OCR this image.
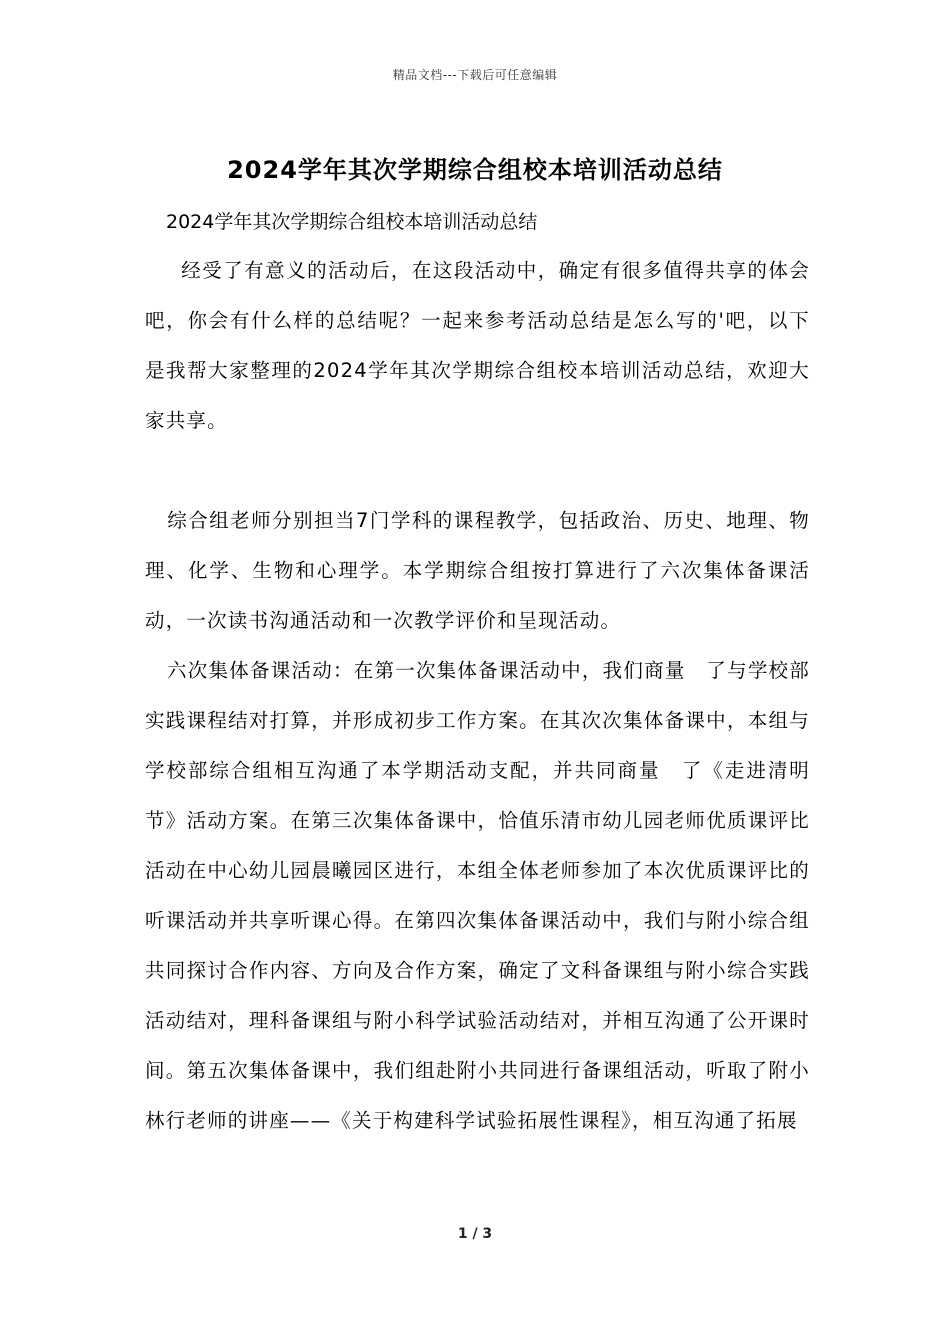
精品文档---下载后可任意编辑
2024学年其次学期综合组校本培训活动总结
2024学年其次学期综合组校本培训活动总结

经受了有意义的活动后，在这段活动中，确定有很多值得共享的体会吧，你会有什么样的总结呢？一起来参考活动总结是怎么写的'吧，以下是我帮大家整理的2024学年其次学期综合组校本培训活动总结，欢迎大家共享。

综合组老师分别担当7门学科的课程教学，包括政治、历史、地理、物理、化学、生物和心理学。本学期综合组按打算进行了六次集体备课活动，一次读书沟通活动和一次教学评价和呈现活动。

六次集体备课活动：在第一次集体备课活动中，我们商量　了与学校部实践课程结对打算，并形成初步工作方案。在其次次集体备课中，本组与学校部综合组相互沟通了本学期活动支配，并共同商量　了《走进清明节》活动方案。在第三次集体备课中，恰值乐清市幼儿园老师优质课评比活动在中心幼儿园晨曦园区进行，本组全体老师参加了本次优质课评比的听课活动并共享听课心得。在第四次集体备课活动中，我们与附小综合组共同探讨合作内容、方向及合作方案，确定了文科备课组与附小综合实践活动结对，理科备课组与附小科学试验活动结对，并相互沟通了公开课时间。第五次集体备课中，我们组赴附小共同进行备课组活动，听取了附小林行老师的讲座——《关于构建科学试验拓展性课程》，相互沟通了拓展

1 / 3
